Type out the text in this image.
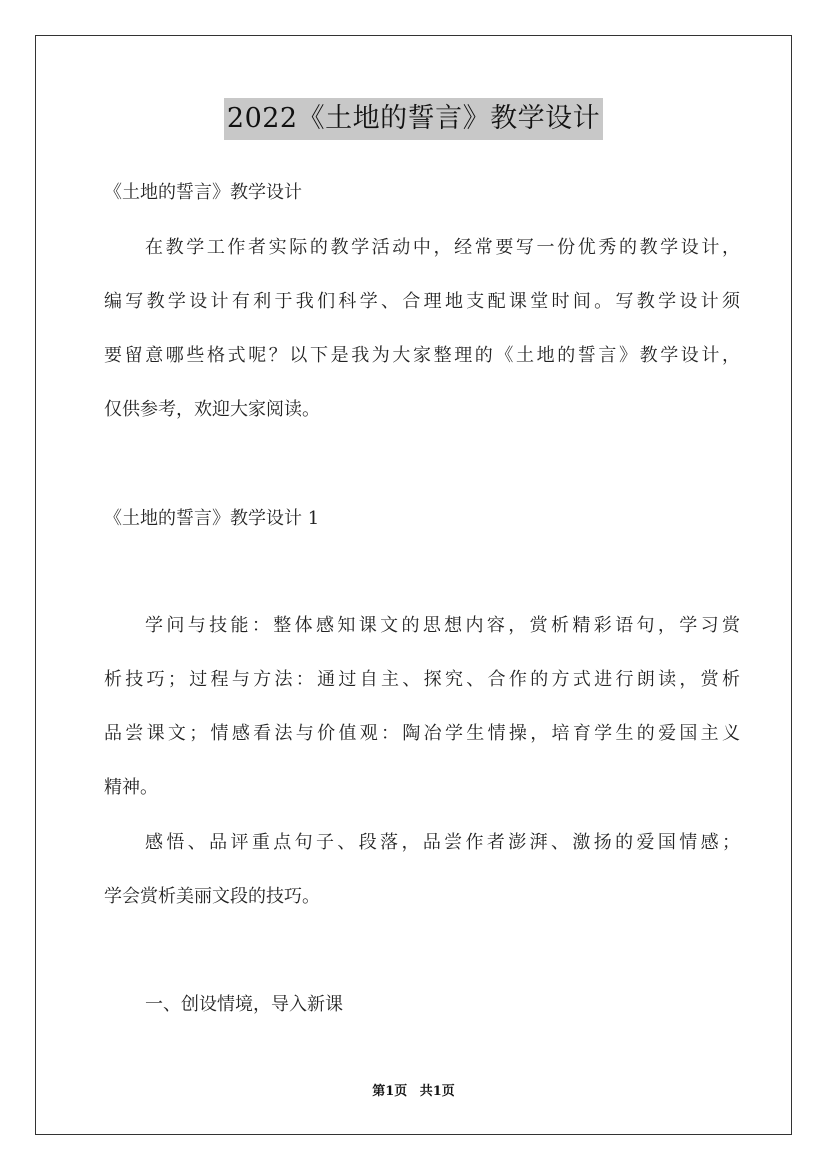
2022《土地的誓言》教学设计
《土地的誓言》教学设计
在教学工作者实际的教学活动中，经常要写一份优秀的教学设计，
编写教学设计有利于我们科学、合理地支配课堂时间。写教学设计须
要留意哪些格式呢？以下是我为大家整理的《土地的誓言》教学设计，
仅供参考，欢迎大家阅读。
《土地的誓言》教学设计 1
学问与技能：整体感知课文的思想内容，赏析精彩语句，学习赏
析技巧；过程与方法：通过自主、探究、合作的方式进行朗读，赏析
品尝课文；情感看法与价值观：陶冶学生情操，培育学生的爱国主义
精神。
感悟、品评重点句子、段落，品尝作者澎湃、激扬的爱国情感；
学会赏析美丽文段的技巧。
一、创设情境，导入新课
第1页 共1页
